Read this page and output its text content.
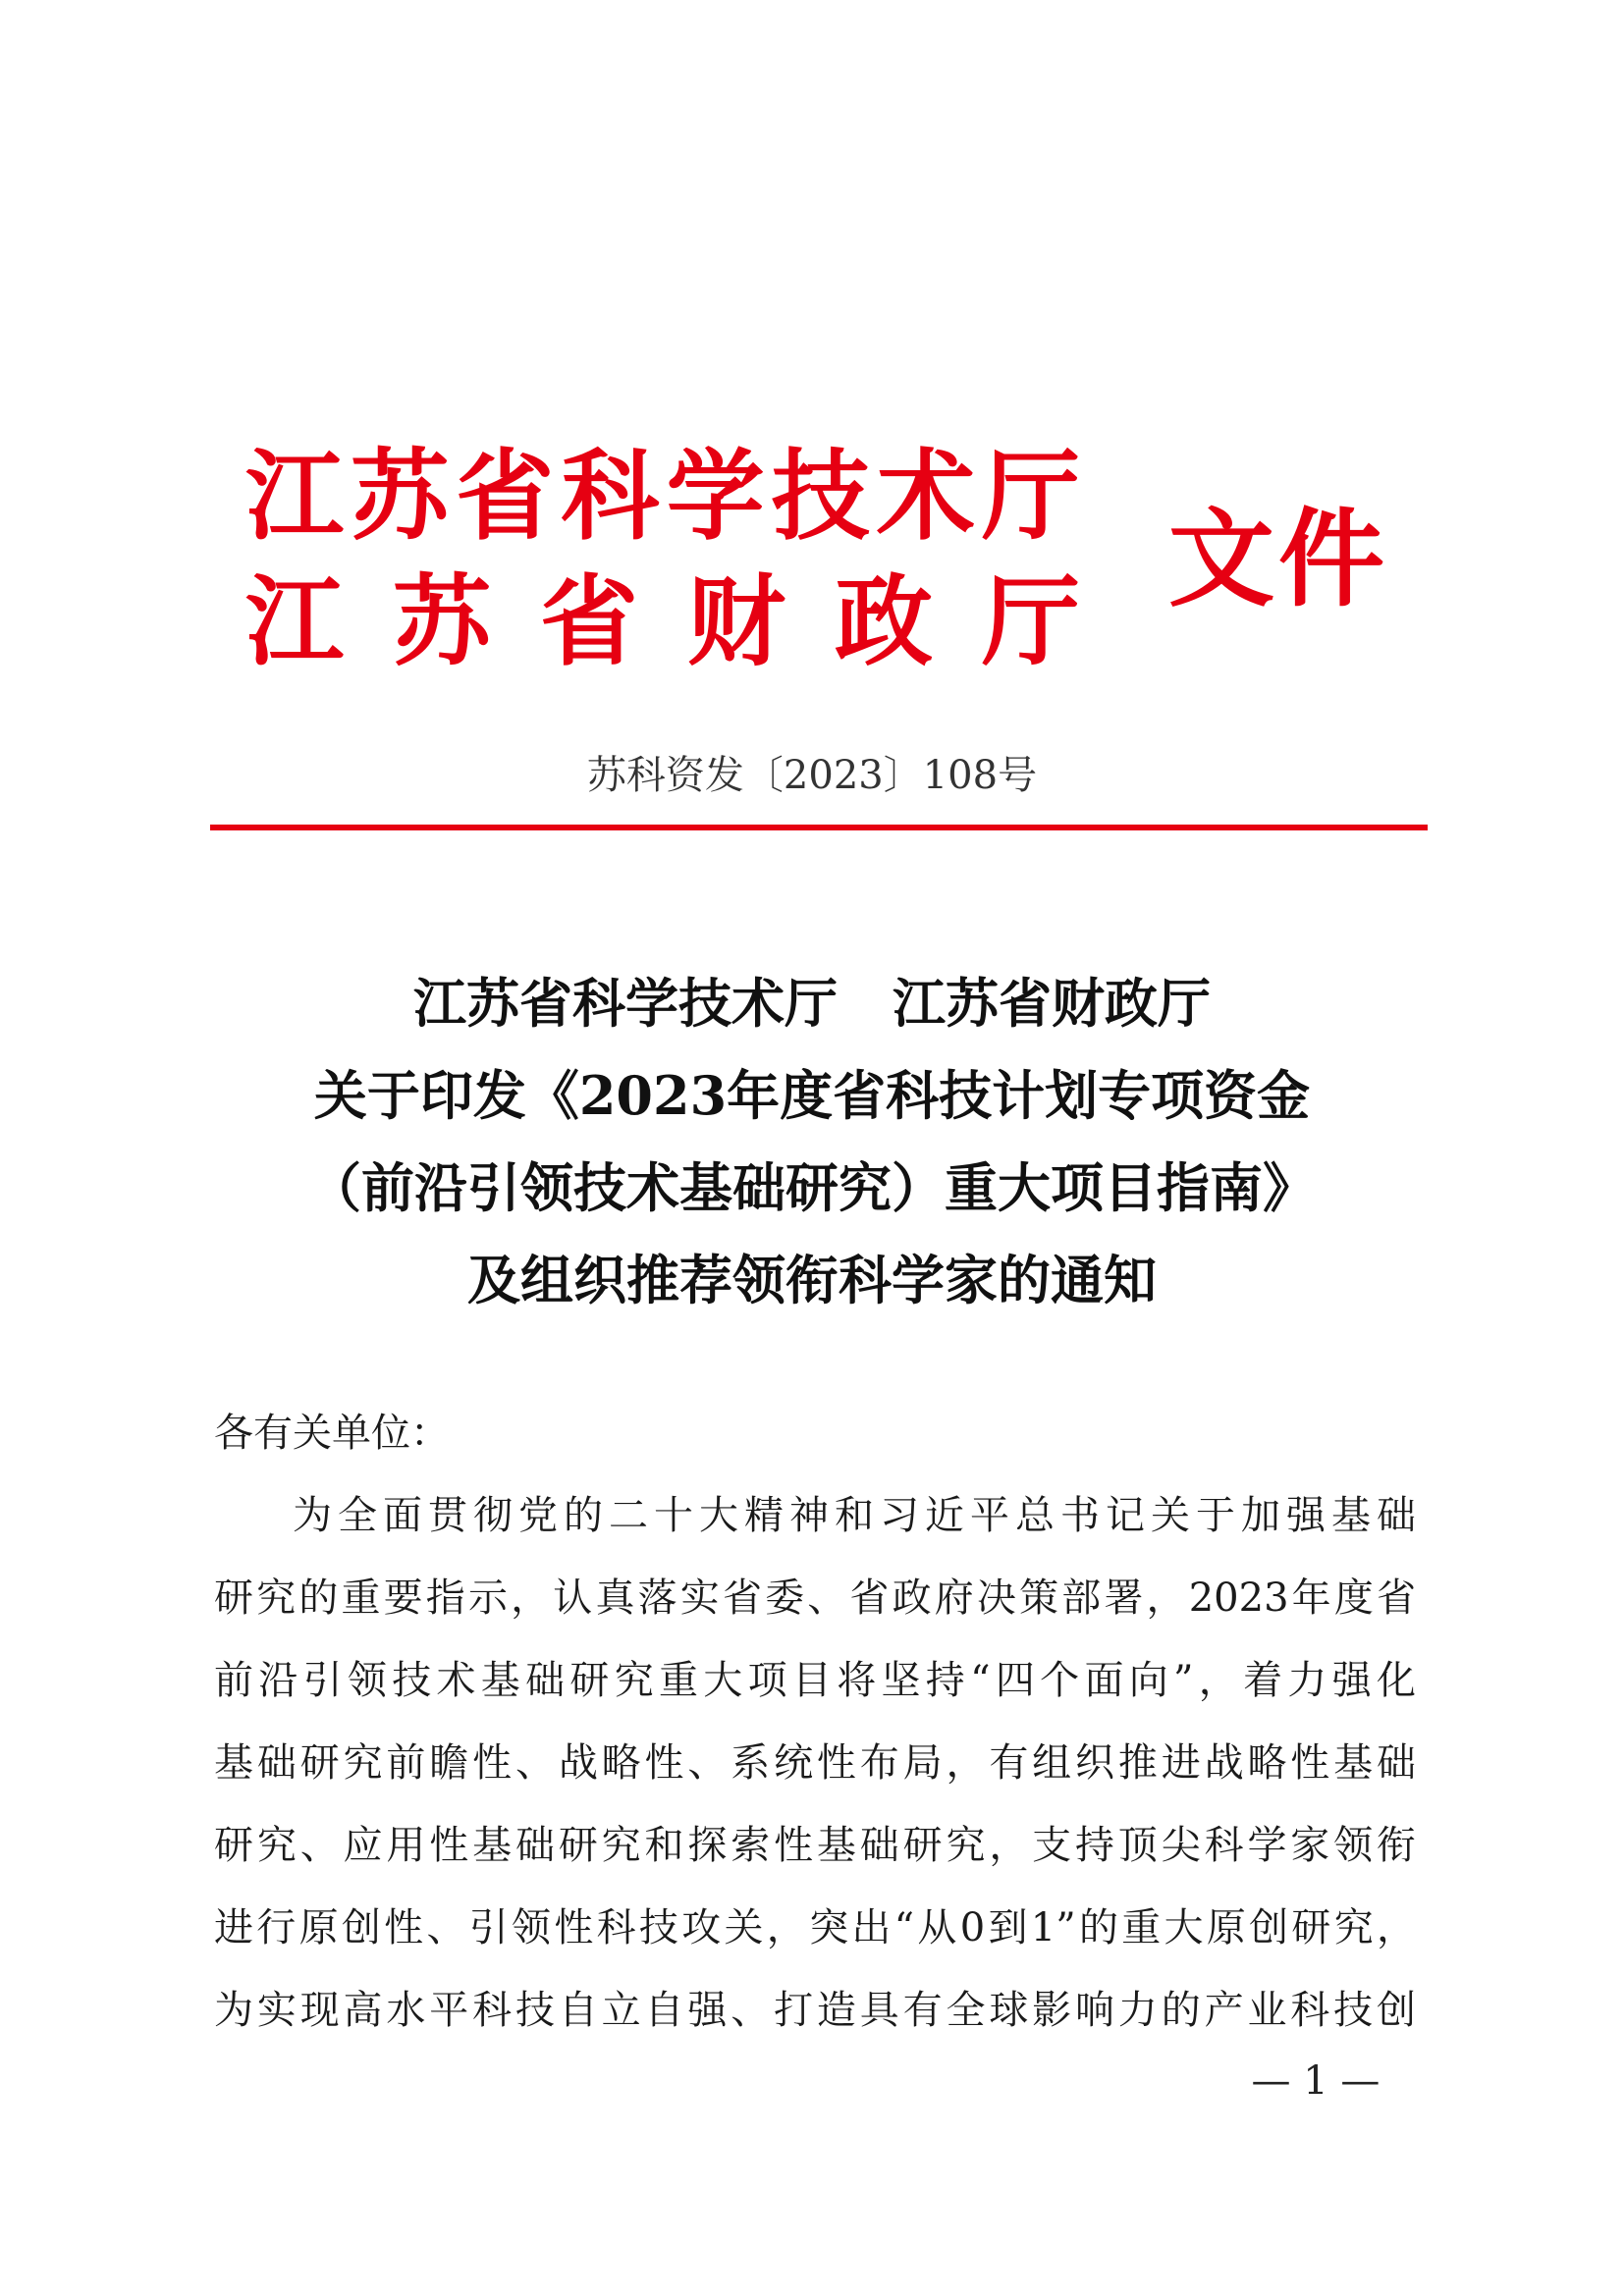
江 苏 省 科 学 技 术 厅
江 苏 省 财 政 厅
文 件
苏科资发〔2023〕108号
江苏省科学技术厅 江苏省财政厅
关于印发《2023年度省科技计划专项资金
（前沿引领技术基础研究）重大项目指南》
及组织推荐领衔科学家的通知
各有关单位：
为全面贯彻党的二十大精神和习近平总书记关于加强基础
研究的重要指示，认真落实省委、省政府决策部署，2023年度省
前沿引领技术基础研究重大项目将坚持“四个面向”，着力强化
基础研究前瞻性、战略性、系统性布局，有组织推进战略性基础
研究、应用性基础研究和探索性基础研究，支持顶尖科学家领衔
进行原创性、引领性科技攻关，突出“从0到1”的重大原创研究，
为实现高水平科技自立自强、打造具有全球影响力的产业科技创
— 1 —
